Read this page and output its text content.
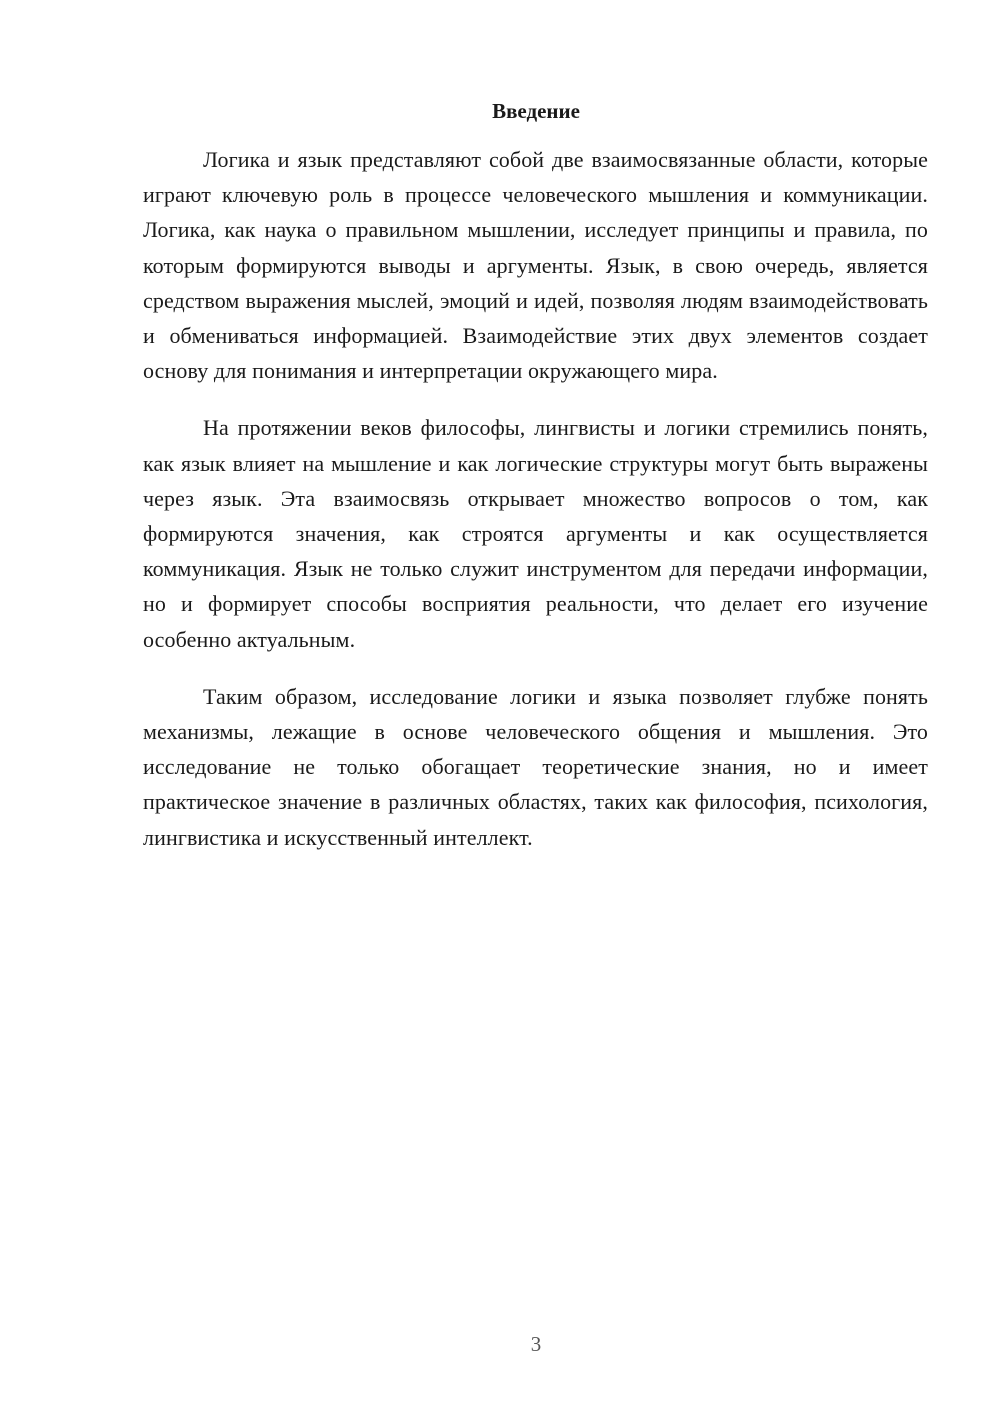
Введение

Логика и язык представляют собой две взаимосвязанные области, которые играют ключевую роль в процессе человеческого мышления и коммуникации. Логика, как наука о правильном мышлении, исследует принципы и правила, по которым формируются выводы и аргументы. Язык, в свою очередь, является средством выражения мыслей, эмоций и идей, позволяя людям взаимодействовать и обмениваться информацией. Взаимодействие этих двух элементов создает основу для понимания и интерпретации окружающего мира.

На протяжении веков философы, лингвисты и логики стремились понять, как язык влияет на мышление и как логические структуры могут быть выражены через язык. Эта взаимосвязь открывает множество вопросов о том, как формируются значения, как строятся аргументы и как осуществляется коммуникация. Язык не только служит инструментом для передачи информации, но и формирует способы восприятия реальности, что делает его изучение особенно актуальным.

Таким образом, исследование логики и языка позволяет глубже понять механизмы, лежащие в основе человеческого общения и мышления. Это исследование не только обогащает теоретические знания, но и имеет практическое значение в различных областях, таких как философия, психология, лингвистика и искусственный интеллект.

3
